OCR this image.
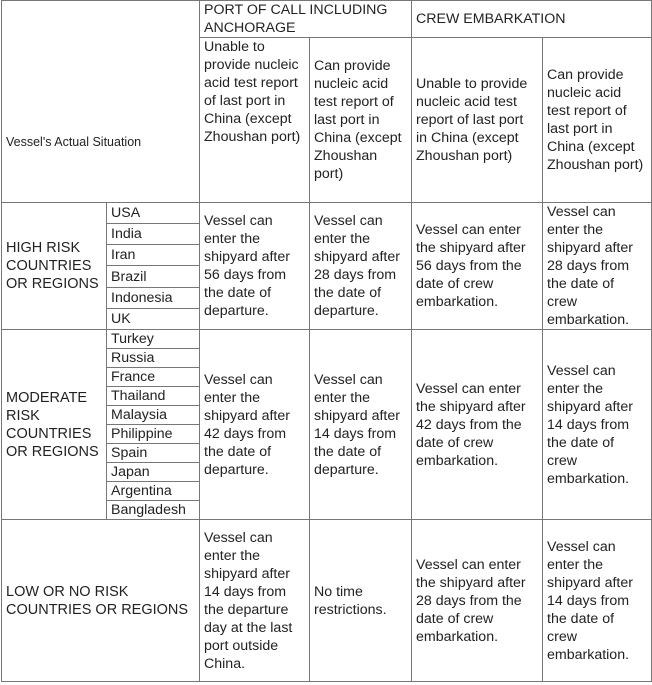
Vessel's Actual Situation		PORT OF CALL INCLUDING ANCHORAGE		CREW EMBARKATION	
		Unable to provide nucleic acid test report of last port in China (except Zhoushan port)	Can provide nucleic acid test report of last port in China (except Zhoushan port)	Unable to provide nucleic acid test report of last port in China (except Zhoushan port)	Can provide nucleic acid test report of last port in China (except Zhoushan port)
HIGH RISK COUNTRIES OR REGIONS	USA	Vessel can enter the shipyard after 56 days from the date of departure.	Vessel can enter the shipyard after 28 days from the date of departure.	Vessel can enter the shipyard after 56 days from the date of crew embarkation.	Vessel can enter the shipyard after 28 days from the date of crew embarkation.
	India				
	Iran				
	Brazil				
	Indonesia				
	UK				
MODERATE RISK COUNTRIES OR REGIONS	Turkey	Vessel can enter the shipyard after 42 days from the date of departure.	Vessel can enter the shipyard after 14 days from the date of departure.	Vessel can enter the shipyard after 42 days from the date of crew embarkation.	Vessel can enter the shipyard after 14 days from the date of crew embarkation.
	Russia				
	France				
	Thailand				
	Malaysia				
	Philippine				
	Spain				
	Japan				
	Argentina				
	Bangladesh				
LOW OR NO RISK COUNTRIES OR REGIONS		Vessel can enter the shipyard after 14 days from the departure day at the last port outside China.	No time restrictions.	Vessel can enter the shipyard after 28 days from the date of crew embarkation.	Vessel can enter the shipyard after 14 days from the date of crew embarkation.
